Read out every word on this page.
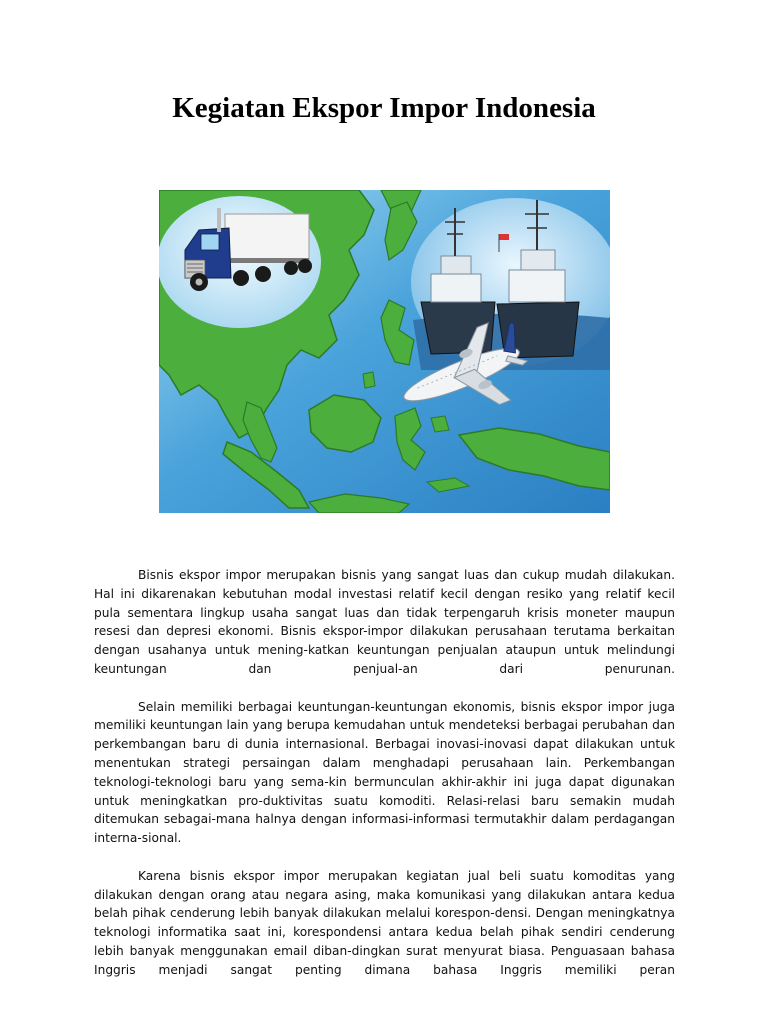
Kegiatan Ekspor Impor Indonesia

Bisnis ekspor impor merupakan bisnis yang sangat luas dan cukup mudah dilakukan. Hal ini dikarenakan kebutuhan modal investasi relatif kecil dengan resiko yang relatif kecil pula sementara lingkup usaha sangat luas dan tidak terpengaruh krisis moneter maupun resesi dan depresi ekonomi. Bisnis ekspor-impor dilakukan perusahaan terutama berkaitan dengan usahanya untuk mening-katkan keuntungan penjualan ataupun untuk melindungi keuntungan dan penjual-an dari penurunan.

Selain memiliki berbagai keuntungan-keuntungan ekonomis, bisnis ekspor impor juga memiliki keuntungan lain yang berupa kemudahan untuk mendeteksi berbagai perubahan dan perkembangan baru di dunia internasional. Berbagai inovasi-inovasi dapat dilakukan untuk menentukan strategi persaingan dalam menghadapi perusahaan lain. Perkembangan teknologi-teknologi baru yang sema-kin bermunculan akhir-akhir ini juga dapat digunakan untuk meningkatkan pro-duktivitas suatu komoditi. Relasi-relasi baru semakin mudah ditemukan sebagai-mana halnya dengan informasi-informasi termutakhir dalam perdagangan interna-sional.

Karena bisnis ekspor impor merupakan kegiatan jual beli suatu komoditas yang dilakukan dengan orang atau negara asing, maka komunikasi yang dilakukan antara kedua belah pihak cenderung lebih banyak dilakukan melalui korespon-densi. Dengan meningkatnya teknologi informatika saat ini, korespondensi antara kedua belah pihak sendiri cenderung lebih banyak menggunakan email diban-dingkan surat menyurat biasa. Penguasaan bahasa Inggris menjadi sangat penting dimana bahasa Inggris memiliki peran
